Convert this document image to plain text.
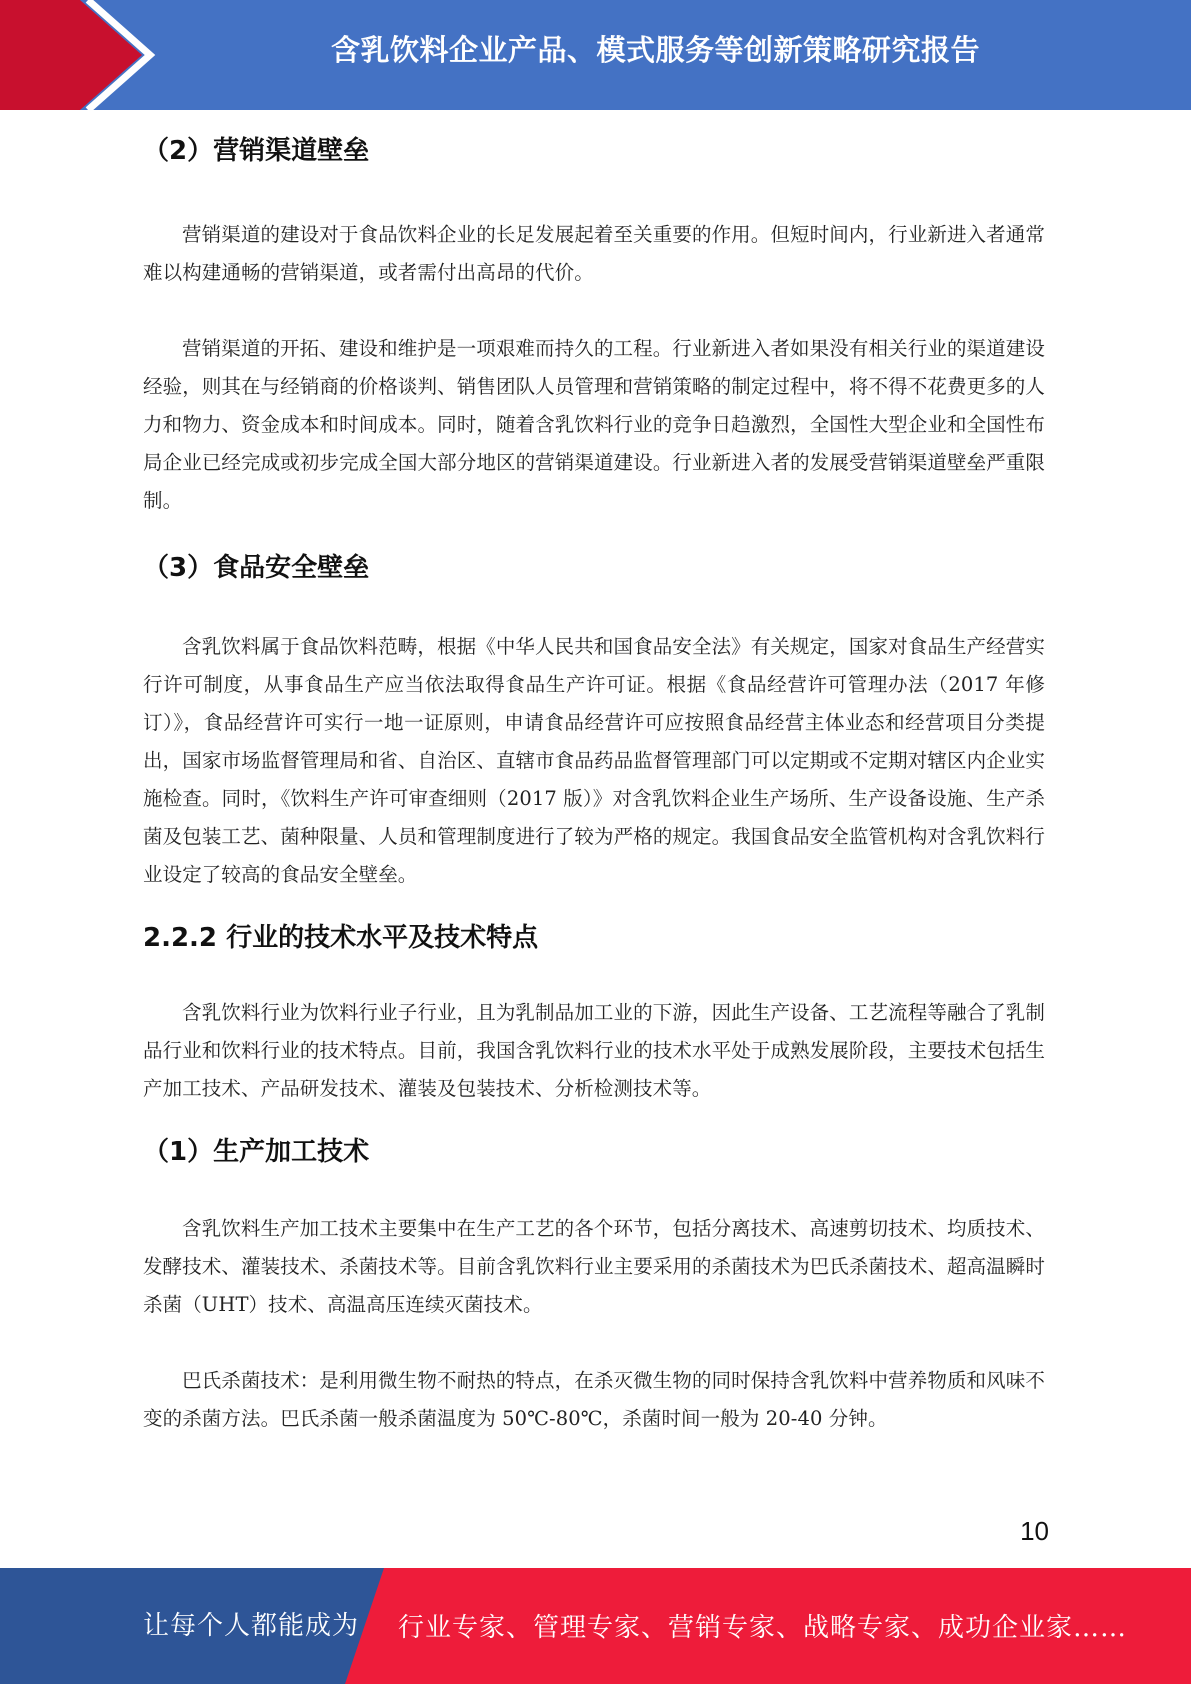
含乳饮料企业产品、模式服务等创新策略研究报告
（2）营销渠道壁垒

营销渠道的建设对于食品饮料企业的长足发展起着至关重要的作用。但短时间内，行业新进入者通常难以构建通畅的营销渠道，或者需付出高昂的代价。

营销渠道的开拓、建设和维护是一项艰难而持久的工程。行业新进入者如果没有相关行业的渠道建设经验，则其在与经销商的价格谈判、销售团队人员管理和营销策略的制定过程中，将不得不花费更多的人力和物力、资金成本和时间成本。同时，随着含乳饮料行业的竞争日趋激烈，全国性大型企业和全国性布局企业已经完成或初步完成全国大部分地区的营销渠道建设。行业新进入者的发展受营销渠道壁垒严重限制。

（3）食品安全壁垒

含乳饮料属于食品饮料范畴，根据《中华人民共和国食品安全法》有关规定，国家对食品生产经营实行许可制度，从事食品生产应当依法取得食品生产许可证。根据《食品经营许可管理办法（2017 年修订）》，食品经营许可实行一地一证原则，申请食品经营许可应按照食品经营主体业态和经营项目分类提出，国家市场监督管理局和省、自治区、直辖市食品药品监督管理部门可以定期或不定期对辖区内企业实施检查。同时，《饮料生产许可审查细则（2017 版）》对含乳饮料企业生产场所、生产设备设施、生产杀菌及包装工艺、菌种限量、人员和管理制度进行了较为严格的规定。我国食品安全监管机构对含乳饮料行业设定了较高的食品安全壁垒。

2.2.2 行业的技术水平及技术特点

含乳饮料行业为饮料行业子行业，且为乳制品加工业的下游，因此生产设备、工艺流程等融合了乳制品行业和饮料行业的技术特点。目前，我国含乳饮料行业的技术水平处于成熟发展阶段，主要技术包括生产加工技术、产品研发技术、灌装及包装技术、分析检测技术等。

（1）生产加工技术

含乳饮料生产加工技术主要集中在生产工艺的各个环节，包括分离技术、高速剪切技术、均质技术、发酵技术、灌装技术、杀菌技术等。目前含乳饮料行业主要采用的杀菌技术为巴氏杀菌技术、超高温瞬时杀菌（UHT）技术、高温高压连续灭菌技术。

巴氏杀菌技术：是利用微生物不耐热的特点，在杀灭微生物的同时保持含乳饮料中营养物质和风味不变的杀菌方法。巴氏杀菌一般杀菌温度为 50℃-80℃，杀菌时间一般为 20-40 分钟。

10
让每个人都能成为 行业专家、管理专家、营销专家、战略专家、成功企业家……
